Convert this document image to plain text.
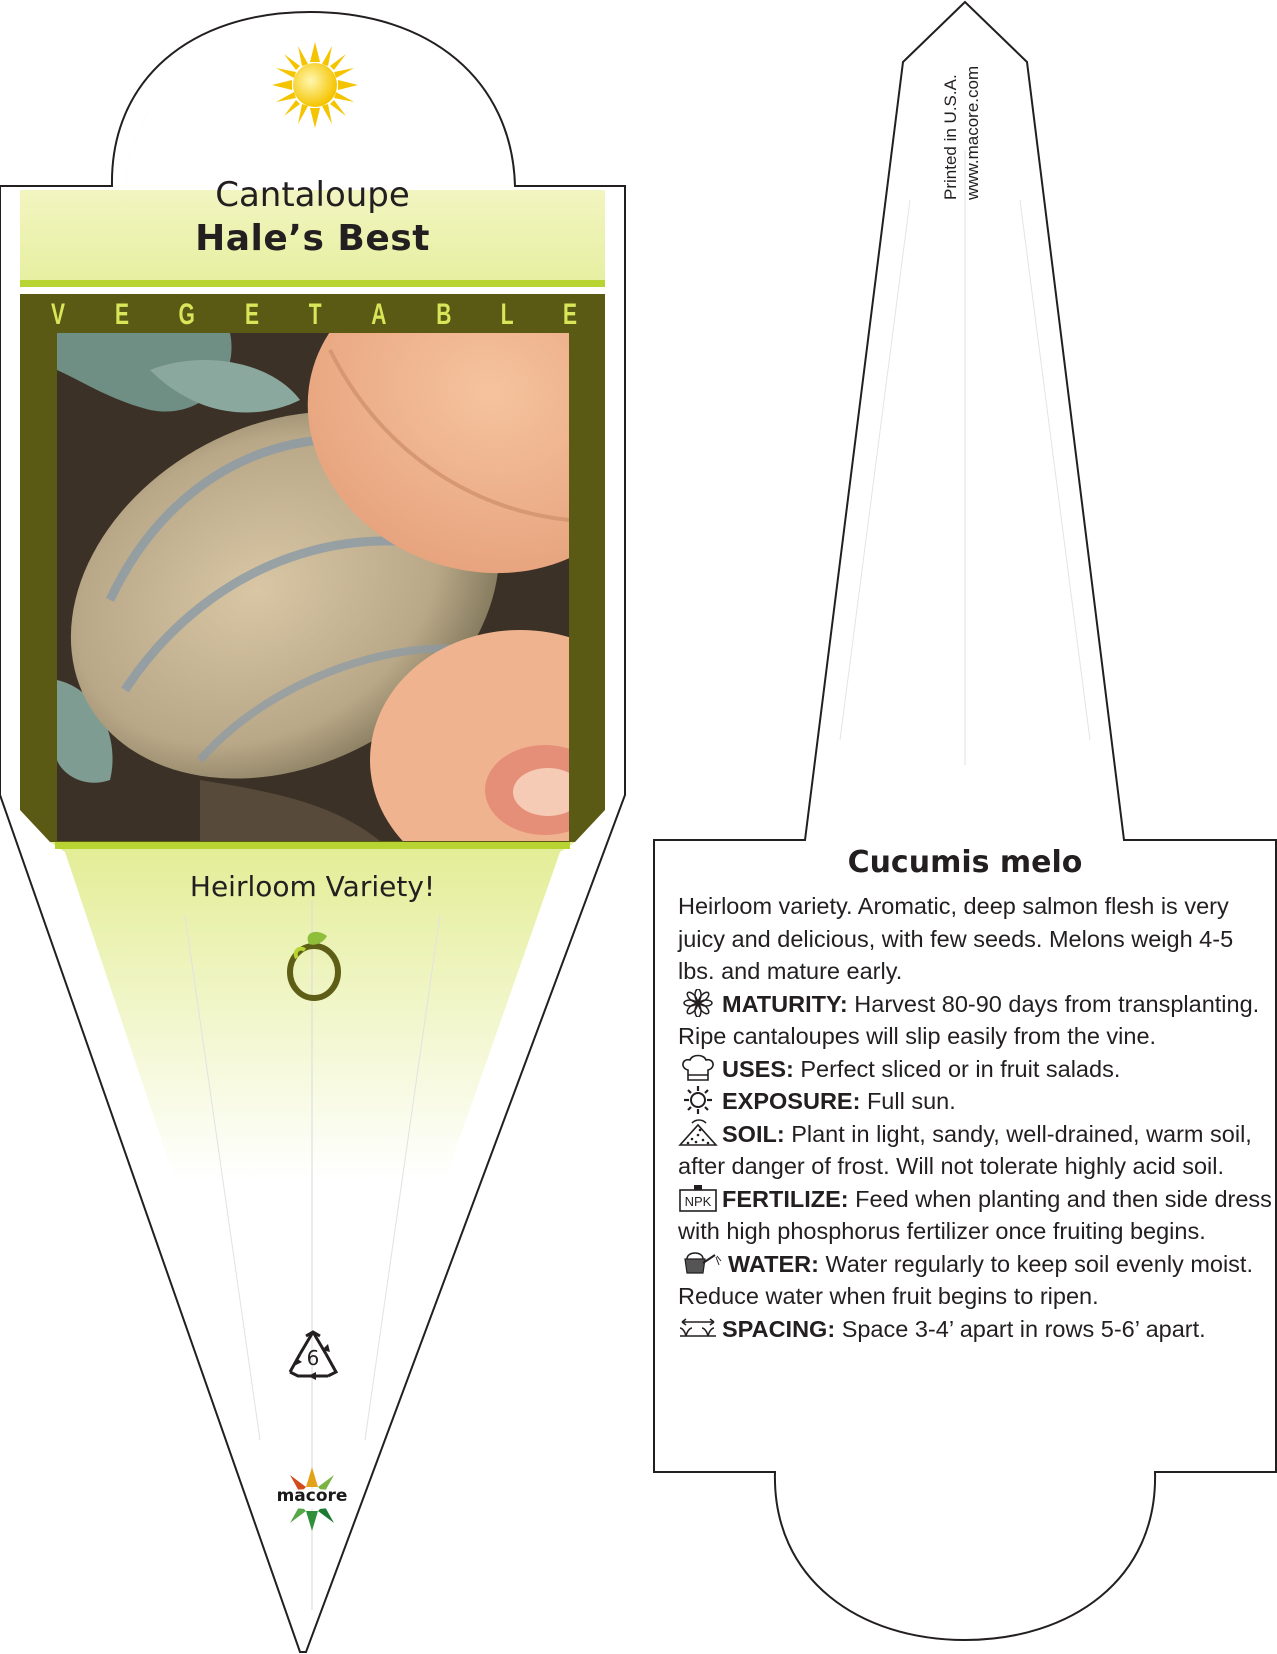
Cantaloupe
Hale’s Best
V E G E T A B L E
Heirloom Variety!
6
macore
Printed in U.S.A. www.macore.com
Cucumis melo

Heirloom variety. Aromatic, deep salmon flesh is very juicy and delicious, with few seeds. Melons weigh 4-5 lbs. and mature early.

MATURITY: Harvest 80-90 days from transplanting. Ripe cantaloupes will slip easily from the vine.

USES: Perfect sliced or in fruit salads.

EXPOSURE: Full sun.

SOIL: Plant in light, sandy, well-drained, warm soil, after danger of frost. Will not tolerate highly acid soil.

NPK FERTILIZE: Feed when planting and then side dress with high phosphorus fertilizer once fruiting begins.

WATER: Water regularly to keep soil evenly moist. Reduce water when fruit begins to ripen.

SPACING: Space 3-4’ apart in rows 5-6’ apart.
